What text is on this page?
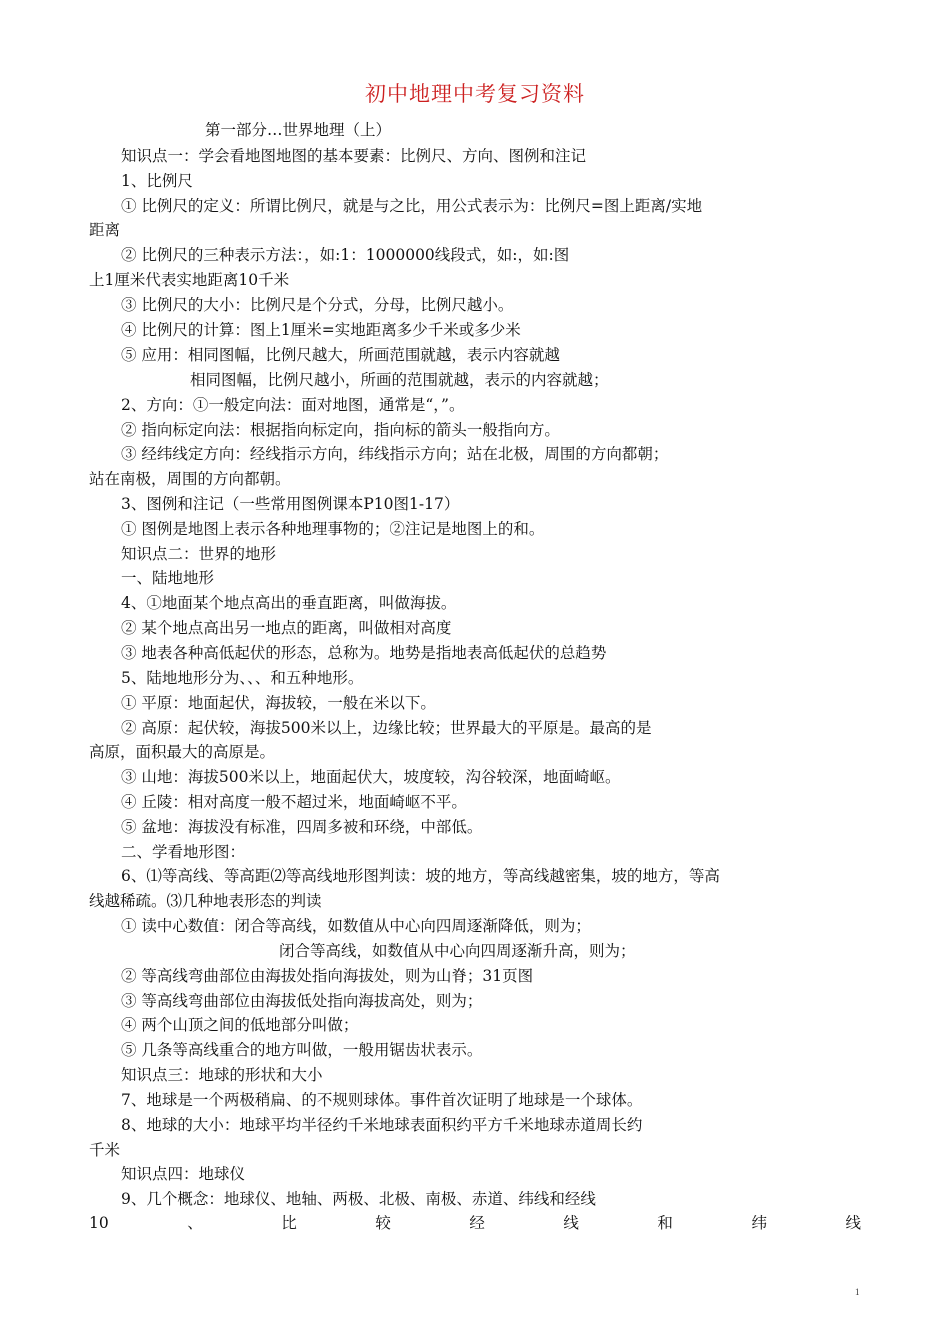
初中地理中考复习资料
第一部分…世界地理（上）
知识点一：学会看地图地图的基本要素：比例尺、方向、图例和注记
1、比例尺
① 比例尺的定义：所谓比例尺，就是与之比，用公式表示为：比例尺=图上距离/实地
距离
② 比例尺的三种表示方法：，如:1：1000000线段式，如:，如:图
上1厘米代表实地距离10千米
③ 比例尺的大小：比例尺是个分式，分母，比例尺越小。
④ 比例尺的计算：图上1厘米=实地距离多少千米或多少米
⑤ 应用：相同图幅，比例尺越大，所画范围就越，表示内容就越
相同图幅，比例尺越小，所画的范围就越，表示的内容就越；
2、方向：①一般定向法：面对地图，通常是“，”。
② 指向标定向法：根据指向标定向，指向标的箭头一般指向方。
③ 经纬线定方向：经线指示方向，纬线指示方向；站在北极，周围的方向都朝；
站在南极，周围的方向都朝。
3、图例和注记（一些常用图例课本P10图1-17）
① 图例是地图上表示各种地理事物的；②注记是地图上的和。
知识点二：世界的地形
一、陆地地形
4、①地面某个地点高出的垂直距离，叫做海拔。
② 某个地点高出另一地点的距离，叫做相对高度
③ 地表各种高低起伏的形态，总称为。地势是指地表高低起伏的总趋势
5、陆地地形分为、、、和五种地形。
① 平原：地面起伏，海拔较，一般在米以下。
② 高原：起伏较，海拔500米以上，边缘比较；世界最大的平原是。最高的是
高原，面积最大的高原是。
③ 山地：海拔500米以上，地面起伏大，坡度较，沟谷较深，地面崎岖。
④ 丘陵：相对高度一般不超过米，地面崎岖不平。
⑤ 盆地：海拔没有标准，四周多被和环绕，中部低。
二、学看地形图：
6、⑴等高线、等高距⑵等高线地形图判读：坡的地方，等高线越密集，坡的地方，等高
线越稀疏。⑶几种地表形态的判读
① 读中心数值：闭合等高线，如数值从中心向四周逐渐降低，则为；
闭合等高线，如数值从中心向四周逐渐升高，则为；
② 等高线弯曲部位由海拔处指向海拔处，则为山脊；31页图
③ 等高线弯曲部位由海拔低处指向海拔高处，则为；
④ 两个山顶之间的低地部分叫做；
⑤ 几条等高线重合的地方叫做，一般用锯齿状表示。
知识点三：地球的形状和大小
7、地球是一个两极稍扁、的不规则球体。事件首次证明了地球是一个球体。
8、地球的大小：地球平均半径约千米地球表面积约平方千米地球赤道周长约
千米
知识点四：地球仪
9、几个概念：地球仪、地轴、两极、北极、南极、赤道、纬线和经线
10	、	比	较	经	线	和	纬	线
1
